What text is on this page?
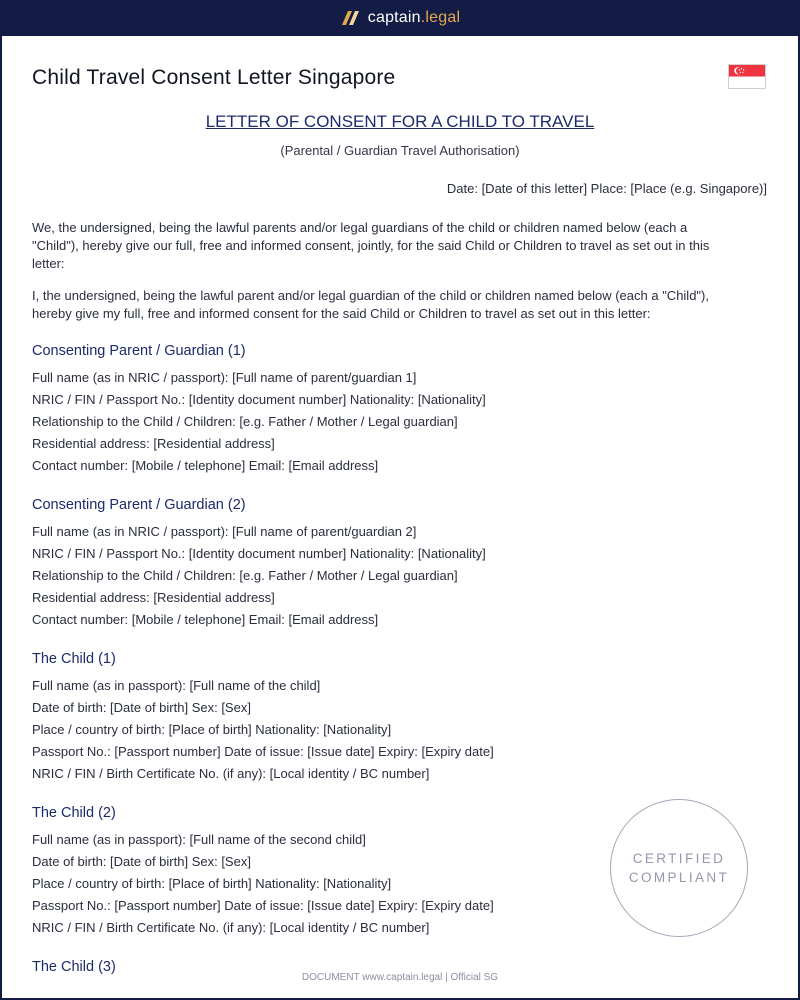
captain.legal
Child Travel Consent Letter Singapore
LETTER OF CONSENT FOR A CHILD TO TRAVEL
(Parental / Guardian Travel Authorisation)
Date: [Date of this letter] Place: [Place (e.g. Singapore)]

We, the undersigned, being the lawful parents and/or legal guardians of the child or children named below (each a "Child"), hereby give our full, free and informed consent, jointly, for the said Child or Children to travel as set out in this letter:

I, the undersigned, being the lawful parent and/or legal guardian of the child or children named below (each a "Child"), hereby give my full, free and informed consent for the said Child or Children to travel as set out in this letter:

Consenting Parent / Guardian (1)
Full name (as in NRIC / passport): [Full name of parent/guardian 1]
NRIC / FIN / Passport No.: [Identity document number] Nationality: [Nationality]
Relationship to the Child / Children: [e.g. Father / Mother / Legal guardian]
Residential address: [Residential address]
Contact number: [Mobile / telephone] Email: [Email address]
Consenting Parent / Guardian (2)
Full name (as in NRIC / passport): [Full name of parent/guardian 2]
NRIC / FIN / Passport No.: [Identity document number] Nationality: [Nationality]
Relationship to the Child / Children: [e.g. Father / Mother / Legal guardian]
Residential address: [Residential address]
Contact number: [Mobile / telephone] Email: [Email address]
The Child (1)
Full name (as in passport): [Full name of the child]
Date of birth: [Date of birth] Sex: [Sex]
Place / country of birth: [Place of birth] Nationality: [Nationality]
Passport No.: [Passport number] Date of issue: [Issue date] Expiry: [Expiry date]
NRIC / FIN / Birth Certificate No. (if any): [Local identity / BC number]
The Child (2)
Full name (as in passport): [Full name of the second child]
Date of birth: [Date of birth] Sex: [Sex]
Place / country of birth: [Place of birth] Nationality: [Nationality]
Passport No.: [Passport number] Date of issue: [Issue date] Expiry: [Expiry date]
NRIC / FIN / Birth Certificate No. (if any): [Local identity / BC number]
The Child (3)
CERTIFIED
COMPLIANT
DOCUMENT www.captain.legal | Official SG
